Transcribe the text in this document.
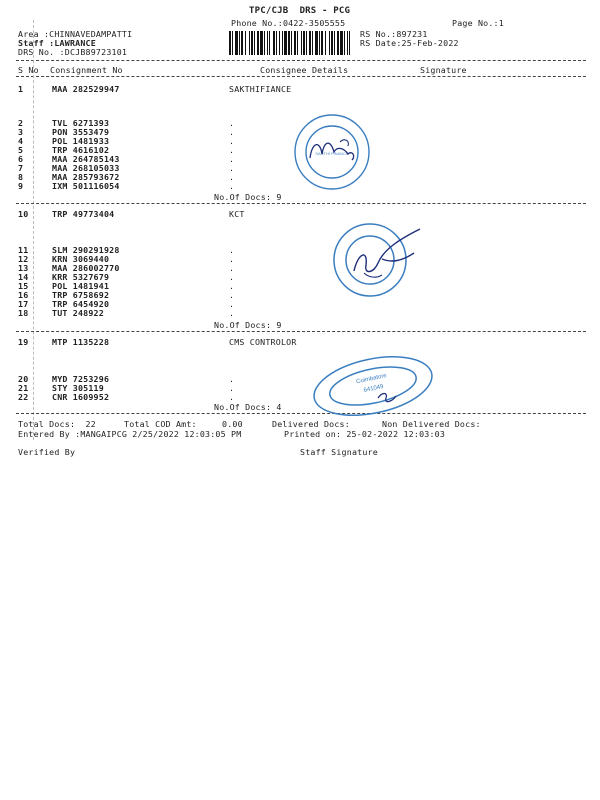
TPC/CJB  DRS - PCG
Phone No.:0422-3505555	Page No.:1
Area :CHINNAVEDAMPATTI
Staff :LAWRANCE
DRS No. :DCJB89723101
RS No.:897231
RS Date:25-Feb-2022
S No Consignment No	Consignee Details	Signature
1	MAA 282529947	SAKTHIFIANCE
2	TVL 6271393	.
3	PON 3553479	.
4	POL 1481933	.
5	TRP 4616102	.
6	MAA 264785143	.
7	MAA 268105033	.
8	MAA 285793672	.
9	IXM 501116054	.
No.Of Docs: 9
10	TRP 49773404	KCT
11	SLM 290291928	.
12	KRN 3069440	.
13	MAA 286002770	.
14	KRR 5327679	.
15	POL 1481941	.
16	TRP 6758692	.
17	TRP 6454920	.
18	TUT 248922	.
No.Of Docs: 9
19	MTP 1135228	CMS CONTROLOR
20	MYD 7253296	.
21	STY 305119	.
22	CNR 1609952	.
No.Of Docs: 4
Total Docs:  22	Total COD Amt:	0.00	Delivered Docs:	Non Delivered Docs:
Entered By :MANGAIPCG 2/25/2022 12:03:05 PM	Printed on: 25-02-2022 12:03:03
Verified By	Staff Signature
SANTHI FINANCE
Coimbatore
641049
